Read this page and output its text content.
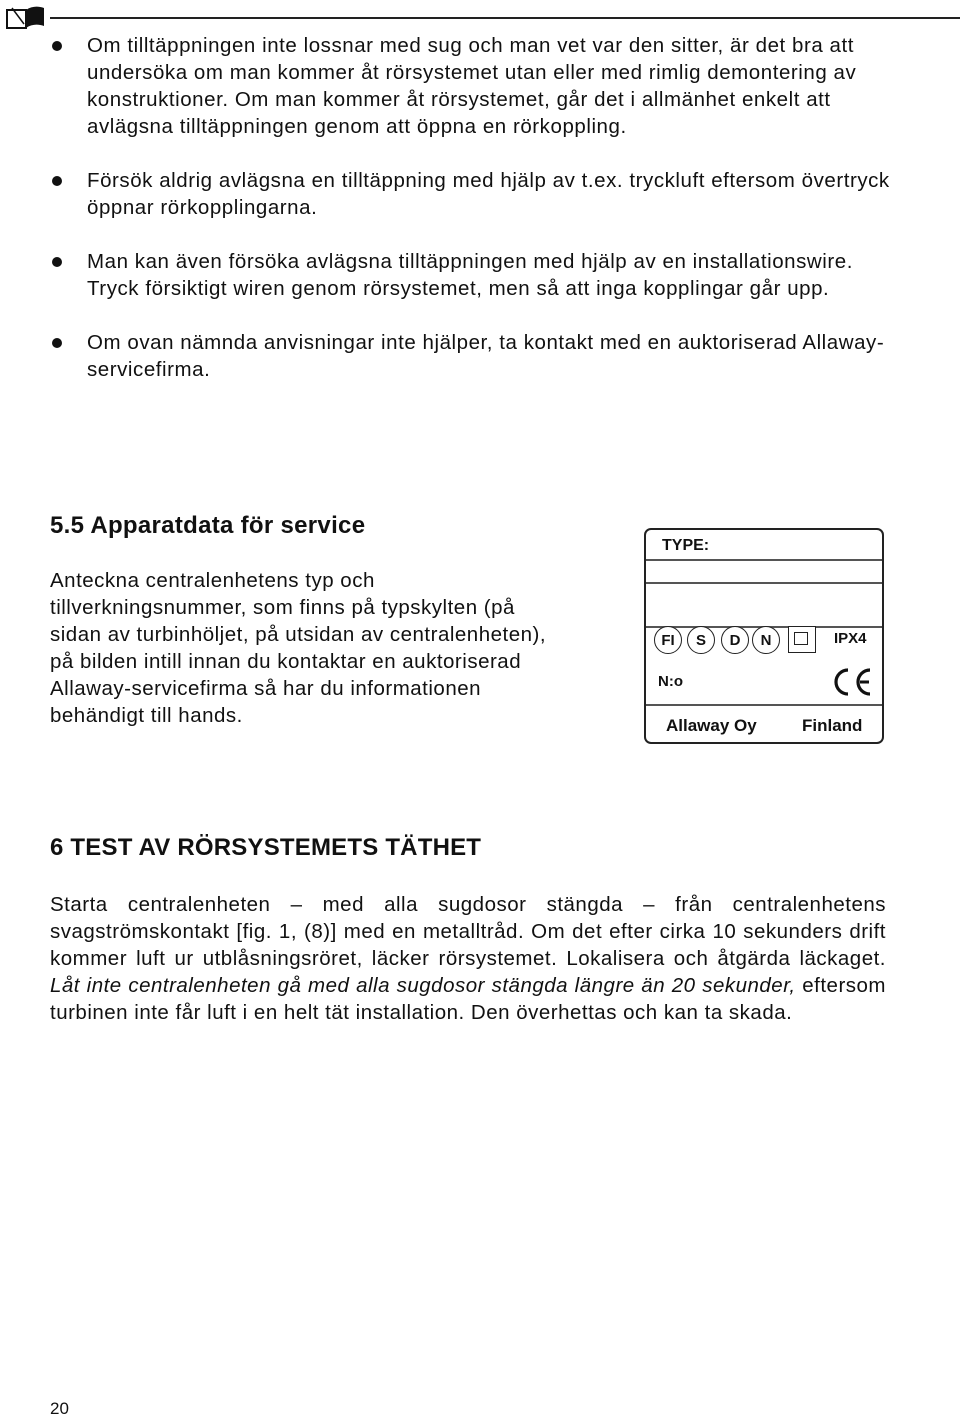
Om tilltäppningen inte lossnar med sug och man vet var den sitter, är det bra att undersöka om man kommer åt rörsystemet utan eller med rimlig demontering av konstruktioner. Om man kommer åt rörsystemet, går det i allmänhet enkelt att avlägsna tilltäppningen genom att öppna en rörkoppling.

Försök aldrig avlägsna en tilltäppning med hjälp av t.ex. tryckluft eftersom övertryck öppnar rörkopplingarna.

Man kan även försöka avlägsna tilltäppningen med hjälp av en installationswire. Tryck försiktigt wiren genom rörsystemet, men så att inga kopplingar går upp.

Om ovan nämnda anvisningar inte hjälper, ta kontakt med en auktoriserad Allaway-servicefirma.

5.5 Apparatdata för service

Anteckna centralenhetens typ och tillverkningsnummer, som finns på typskylten (på sidan av turbinhöljet, på utsidan av centralenheten), på bilden intill innan du kontaktar en auktoriserad Allaway-servicefirma så har du informationen behändigt till hands.

TYPE:
FI	S	D	N	IPX4
N:o
Allaway Oy	Finland
6 TEST AV RÖRSYSTEMETS TÄTHET

Starta centralenheten – med alla sugdosor stängda – från centralenhetens svagströmskontakt [fig. 1, (8)] med en metalltråd. Om det efter cirka 10 sekunders drift kommer luft ur utblåsningsröret, läcker rörsystemet. Lokalisera och åtgärda läckaget. Låt inte centralenheten gå med alla sugdosor stängda längre än 20 sekunder, eftersom turbinen inte får luft i en helt tät installation. Den överhettas och kan ta skada.

20
